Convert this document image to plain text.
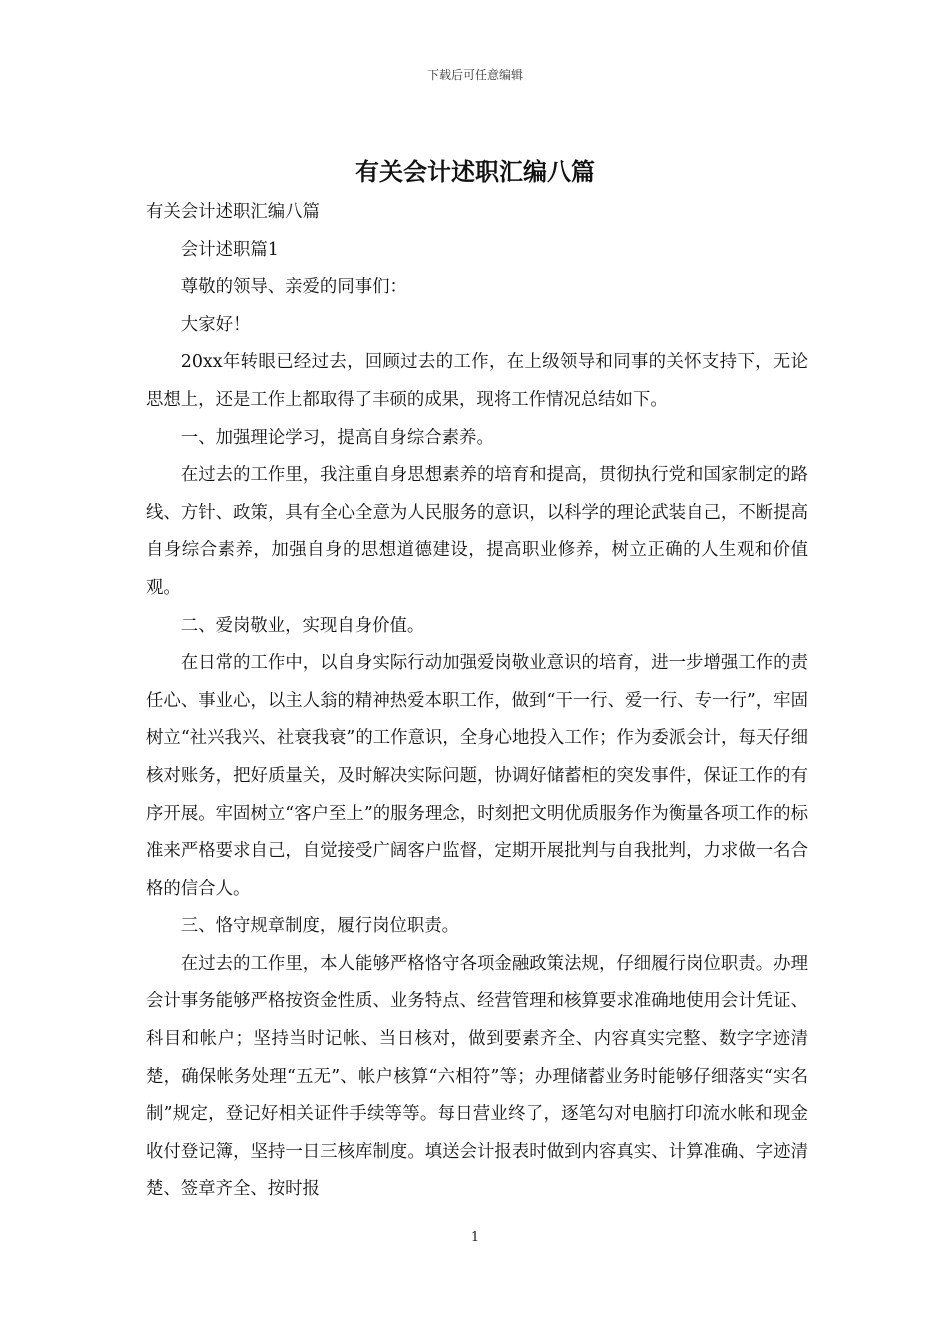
下载后可任意编辑
有关会计述职汇编八篇

有关会计述职汇编八篇

会计述职篇1

尊敬的领导、亲爱的同事们：

大家好！

20xx年转眼已经过去，回顾过去的工作，在上级领导和同事的关怀支持下，无论思想上，还是工作上都取得了丰硕的成果，现将工作情况总结如下。

一、加强理论学习，提高自身综合素养。

在过去的工作里，我注重自身思想素养的培育和提高，贯彻执行党和国家制定的路线、方针、政策，具有全心全意为人民服务的意识，以科学的理论武装自己，不断提高自身综合素养，加强自身的思想道德建设，提高职业修养，树立正确的人生观和价值观。

二、爱岗敬业，实现自身价值。

在日常的工作中，以自身实际行动加强爱岗敬业意识的培育，进一步增强工作的责任心、事业心，以主人翁的精神热爱本职工作，做到“干一行、爱一行、专一行”，牢固树立“社兴我兴、社衰我衰”的工作意识，全身心地投入工作；作为委派会计，每天仔细核对账务，把好质量关，及时解决实际问题，协调好储蓄柜的突发事件，保证工作的有序开展。牢固树立“客户至上”的服务理念，时刻把文明优质服务作为衡量各项工作的标准来严格要求自己，自觉接受广阔客户监督，定期开展批判与自我批判，力求做一名合格的信合人。

三、恪守规章制度，履行岗位职责。

在过去的工作里，本人能够严格恪守各项金融政策法规，仔细履行岗位职责。办理会计事务能够严格按资金性质、业务特点、经营管理和核算要求准确地使用会计凭证、科目和帐户；坚持当时记帐、当日核对，做到要素齐全、内容真实完整、数字字迹清楚，确保帐务处理“五无”、帐户核算“六相符”等；办理储蓄业务时能够仔细落实“实名制”规定，登记好相关证件手续等等。每日营业终了，逐笔勾对电脑打印流水帐和现金收付登记簿，坚持一日三核库制度。填送会计报表时做到内容真实、计算准确、字迹清楚、签章齐全、按时报

1
